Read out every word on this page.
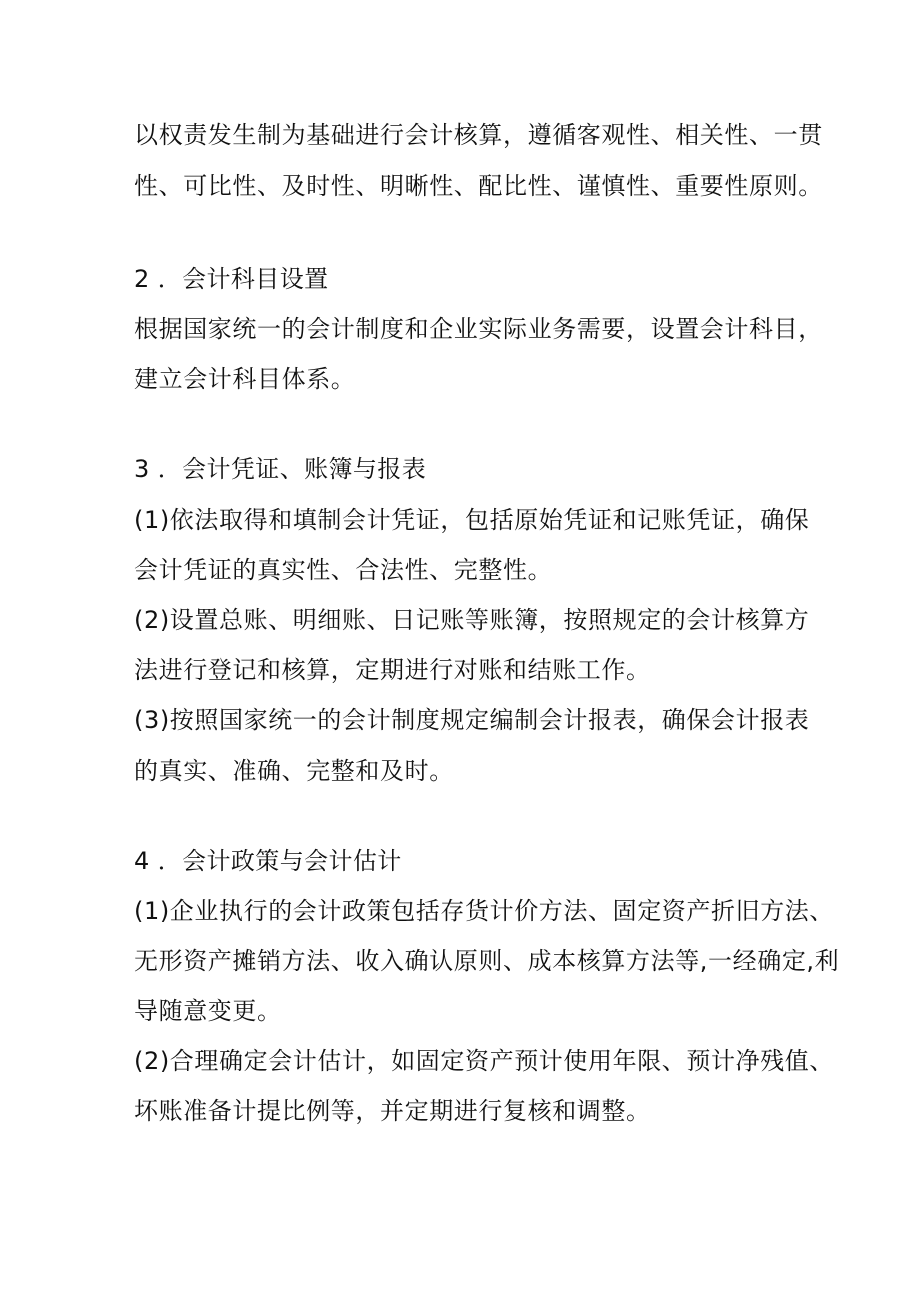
以权责发生制为基础进行会计核算，遵循客观性、相关性、一贯
性、可比性、及时性、明晰性、配比性、谨慎性、重要性原则。
2 ．会计科目设置
根据国家统一的会计制度和企业实际业务需要，设置会计科目，
建立会计科目体系。
3 ．会计凭证、账簿与报表
(1)依法取得和填制会计凭证，包括原始凭证和记账凭证，确保
会计凭证的真实性、合法性、完整性。
(2)设置总账、明细账、日记账等账簿，按照规定的会计核算方
法进行登记和核算，定期进行对账和结账工作。
(3)按照国家统一的会计制度规定编制会计报表，确保会计报表
的真实、准确、完整和及时。
4 ．会计政策与会计估计
(1)企业执行的会计政策包括存货计价方法、固定资产折旧方法、
无形资产摊销方法、收入确认原则、成本核算方法等,一经确定,利
导随意变更。
(2)合理确定会计估计，如固定资产预计使用年限、预计净残值、
坏账准备计提比例等，并定期进行复核和调整。
